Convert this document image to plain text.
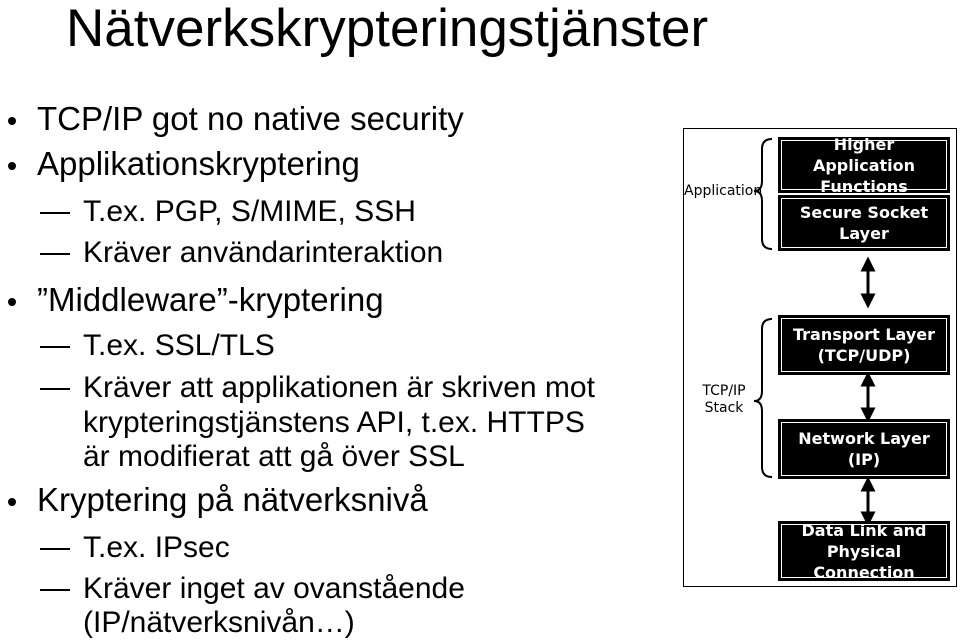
Nätverkskrypteringstjänster
TCP/IP got no native security
Applikationskryptering
T.ex. PGP, S/MIME, SSH
Kräver användarinteraktion
”Middleware”-kryptering
T.ex. SSL/TLS
Kräver att applikationen är skriven mot
krypteringstjänstens API, t.ex. HTTPS
är modifierat att gå över SSL
Kryptering på nätverksnivå
T.ex. IPsec
Kräver inget av ovanstående
(IP/nätverksnivån…)
Application
TCP/IP
Stack
Higher Application
Functions
Secure Socket
Layer
Transport Layer
(TCP/UDP)
Network Layer
(IP)
Data Link and
Physical Connection
